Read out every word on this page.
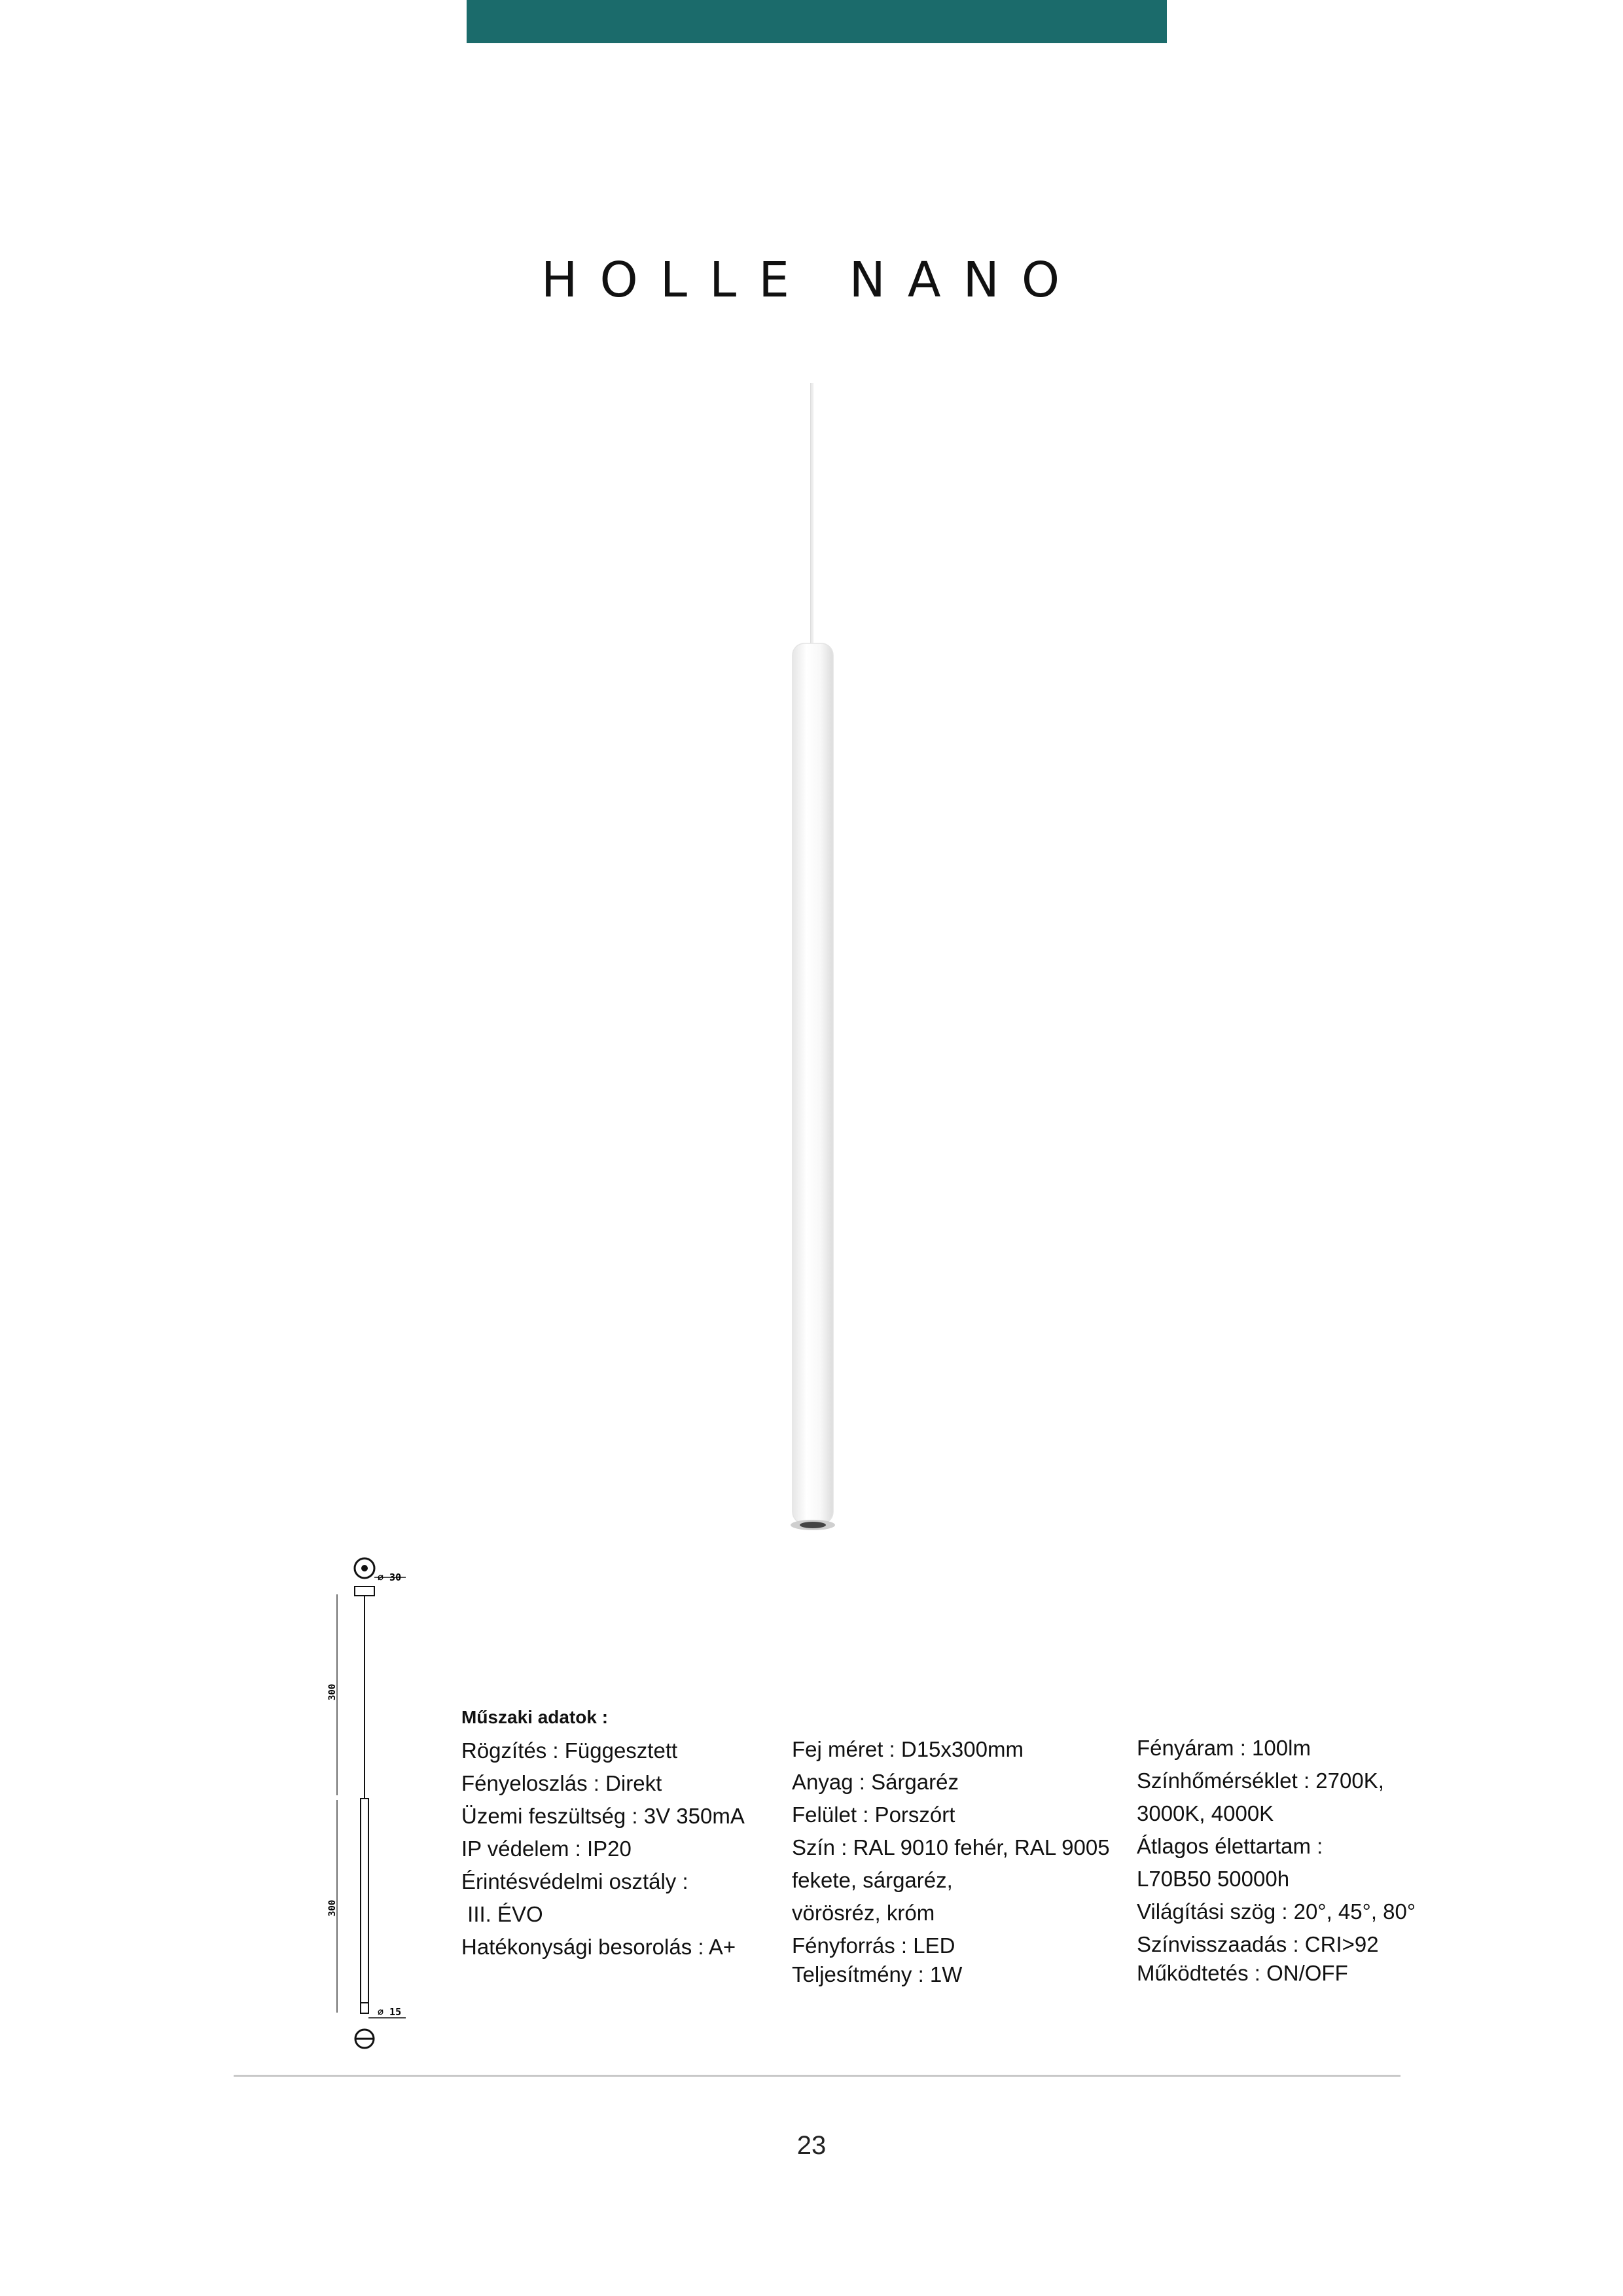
HOLLE NANO
⌀ 30
300
300
⌀ 15
Műszaki adatok :
Rögzítés : Függesztett
Fényeloszlás : Direkt
Üzemi feszültség : 3V 350mA
IP védelem : IP20
Érintésvédelmi osztály :
III. ÉVO
Hatékonysági besorolás : A+
Fej méret : D15x300mm
Anyag : Sárgaréz
Felület : Porszórt
Szín : RAL 9010 fehér, RAL 9005
fekete, sárgaréz,
vörösréz, króm
Fényforrás : LED
Teljesítmény : 1W
Fényáram : 100lm
Színhőmérséklet : 2700K,
3000K, 4000K
Átlagos élettartam :
L70B50 50000h
Világítási szög : 20°, 45°, 80°
Színvisszaadás : CRI>92
Működtetés : ON/OFF
23
